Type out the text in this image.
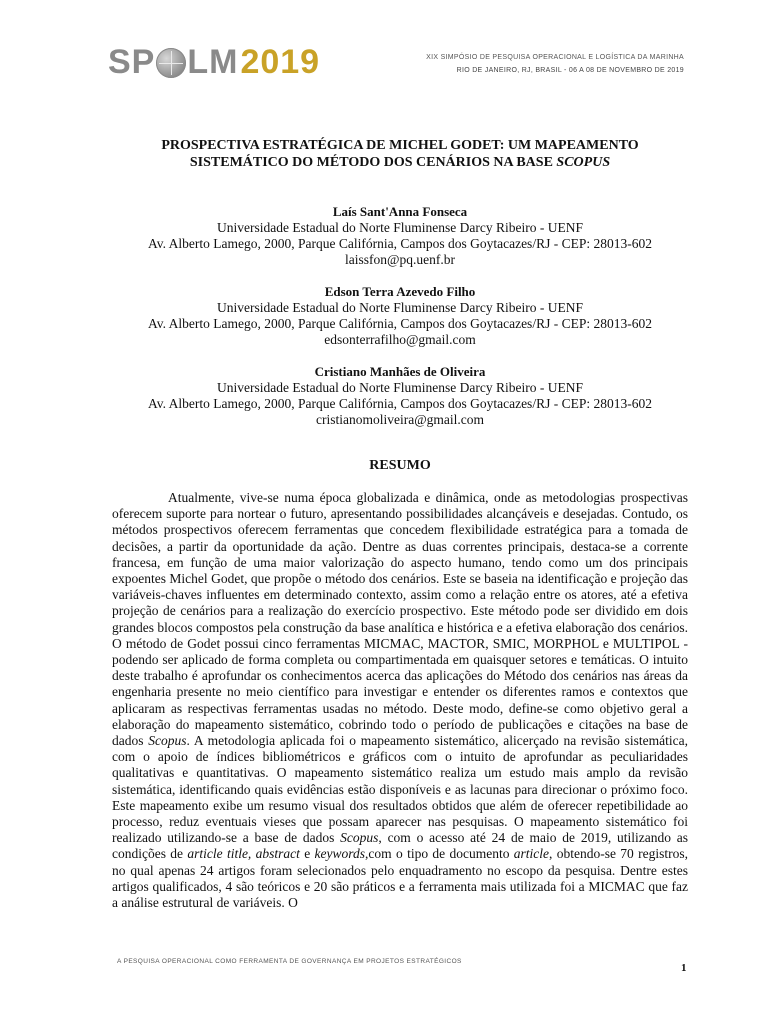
SP LM 2019	XIX SIMPÓSIO DE PESQUISA OPERACIONAL E LOGÍSTICA DA MARINHA
RIO DE JANEIRO, RJ, BRASIL - 06 A 08 DE NOVEMBRO DE 2019
PROSPECTIVA ESTRATÉGICA DE MICHEL GODET: UM MAPEAMENTO
SISTEMÁTICO DO MÉTODO DOS CENÁRIOS NA BASE SCOPUS
Laís Sant'Anna Fonseca
Universidade Estadual do Norte Fluminense Darcy Ribeiro - UENF
Av. Alberto Lamego, 2000, Parque Califórnia, Campos dos Goytacazes/RJ - CEP: 28013-602
laissfon@pq.uenf.br
Edson Terra Azevedo Filho
Universidade Estadual do Norte Fluminense Darcy Ribeiro - UENF
Av. Alberto Lamego, 2000, Parque Califórnia, Campos dos Goytacazes/RJ - CEP: 28013-602
edsonterrafilho@gmail.com
Cristiano Manhães de Oliveira
Universidade Estadual do Norte Fluminense Darcy Ribeiro - UENF
Av. Alberto Lamego, 2000, Parque Califórnia, Campos dos Goytacazes/RJ - CEP: 28013-602
cristianomoliveira@gmail.com
RESUMO
Atualmente, vive-se numa época globalizada e dinâmica, onde as metodologias prospectivas oferecem suporte para nortear o futuro, apresentando possibilidades alcançáveis e desejadas. Contudo, os métodos prospectivos oferecem ferramentas que concedem flexibilidade estratégica para a tomada de decisões, a partir da oportunidade da ação. Dentre as duas correntes principais, destaca-se a corrente francesa, em função de uma maior valorização do aspecto humano, tendo como um dos principais expoentes Michel Godet, que propõe o método dos cenários. Este se baseia na identificação e projeção das variáveis-chaves influentes em determinado contexto, assim como a relação entre os atores, até a efetiva projeção de cenários para a realização do exercício prospectivo. Este método pode ser dividido em dois grandes blocos compostos pela construção da base analítica e histórica e a efetiva elaboração dos cenários. O método de Godet possui cinco ferramentas MICMAC, MACTOR, SMIC, MORPHOL e MULTIPOL - podendo ser aplicado de forma completa ou compartimentada em quaisquer setores e temáticas. O intuito deste trabalho é aprofundar os conhecimentos acerca das aplicações do Método dos cenários nas áreas da engenharia presente no meio científico para investigar e entender os diferentes ramos e contextos que aplicaram as respectivas ferramentas usadas no método. Deste modo, define-se como objetivo geral a elaboração do mapeamento sistemático, cobrindo todo o período de publicações e citações na base de dados Scopus. A metodologia aplicada foi o mapeamento sistemático, alicerçado na revisão sistemática, com o apoio de índices bibliométricos e gráficos com o intuito de aprofundar as peculiaridades qualitativas e quantitativas. O mapeamento sistemático realiza um estudo mais amplo da revisão sistemática, identificando quais evidências estão disponíveis e as lacunas para direcionar o próximo foco. Este mapeamento exibe um resumo visual dos resultados obtidos que além de oferecer repetibilidade ao processo, reduz eventuais vieses que possam aparecer nas pesquisas. O mapeamento sistemático foi realizado utilizando-se a base de dados Scopus, com o acesso até 24 de maio de 2019, utilizando as condições de article title, abstract e keywords,com o tipo de documento article, obtendo-se 70 registros, no qual apenas 24 artigos foram selecionados pelo enquadramento no escopo da pesquisa. Dentre estes artigos qualificados, 4 são teóricos e 20 são práticos e a ferramenta mais utilizada foi a MICMAC que faz a análise estrutural de variáveis. O
A PESQUISA OPERACIONAL COMO FERRAMENTA DE GOVERNANÇA EM PROJETOS ESTRATÉGICOS
1
